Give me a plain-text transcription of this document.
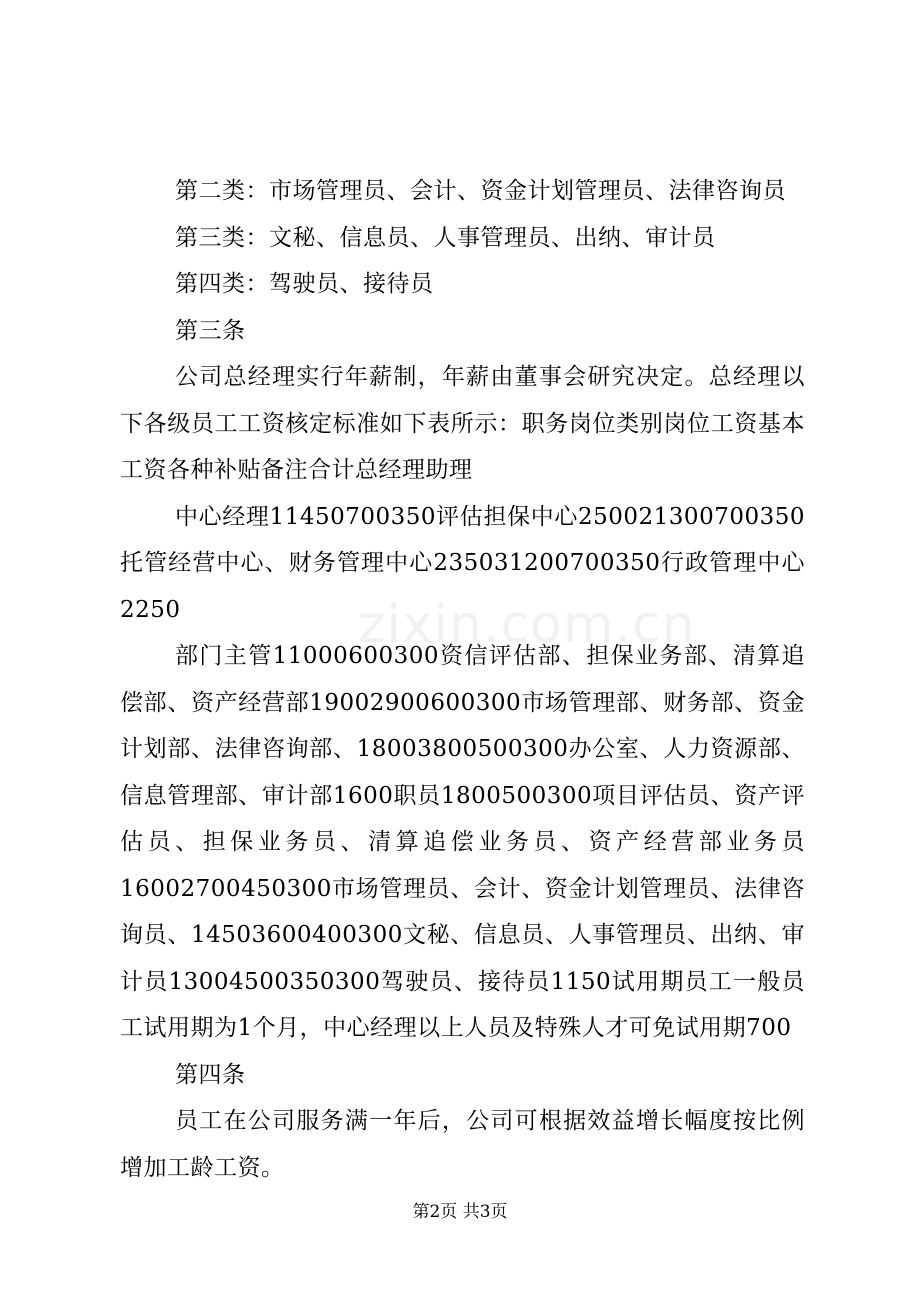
zixin.com.cn

第二类：市场管理员、会计、资金计划管理员、法律咨询员

第三类：文秘、信息员、人事管理员、出纳、审计员

第四类：驾驶员、接待员

第三条

公司总经理实行年薪制，年薪由董事会研究决定。总经理以下各级员工工资核定标准如下表所示：职务岗位类别岗位工资基本工资各种补贴备注合计总经理助理

中心经理11450700350评估担保中心250021300700350托管经营中心、财务管理中心235031200700350行政管理中心2250

部门主管11000600300资信评估部、担保业务部、清算追偿部、资产经营部19002900600300市场管理部、财务部、资金计划部、法律咨询部、18003800500300办公室、人力资源部、信息管理部、审计部1600职员1800500300项目评估员、资产评估员、担保业务员、清算追偿业务员、资产经营部业务员16002700450300市场管理员、会计、资金计划管理员、法律咨询员、14503600400300文秘、信息员、人事管理员、出纳、审计员13004500350300驾驶员、接待员1150试用期员工一般员工试用期为1个月，中心经理以上人员及特殊人才可免试用期700

第四条

员工在公司服务满一年后，公司可根据效益增长幅度按比例增加工龄工资。

第2页 共3页
